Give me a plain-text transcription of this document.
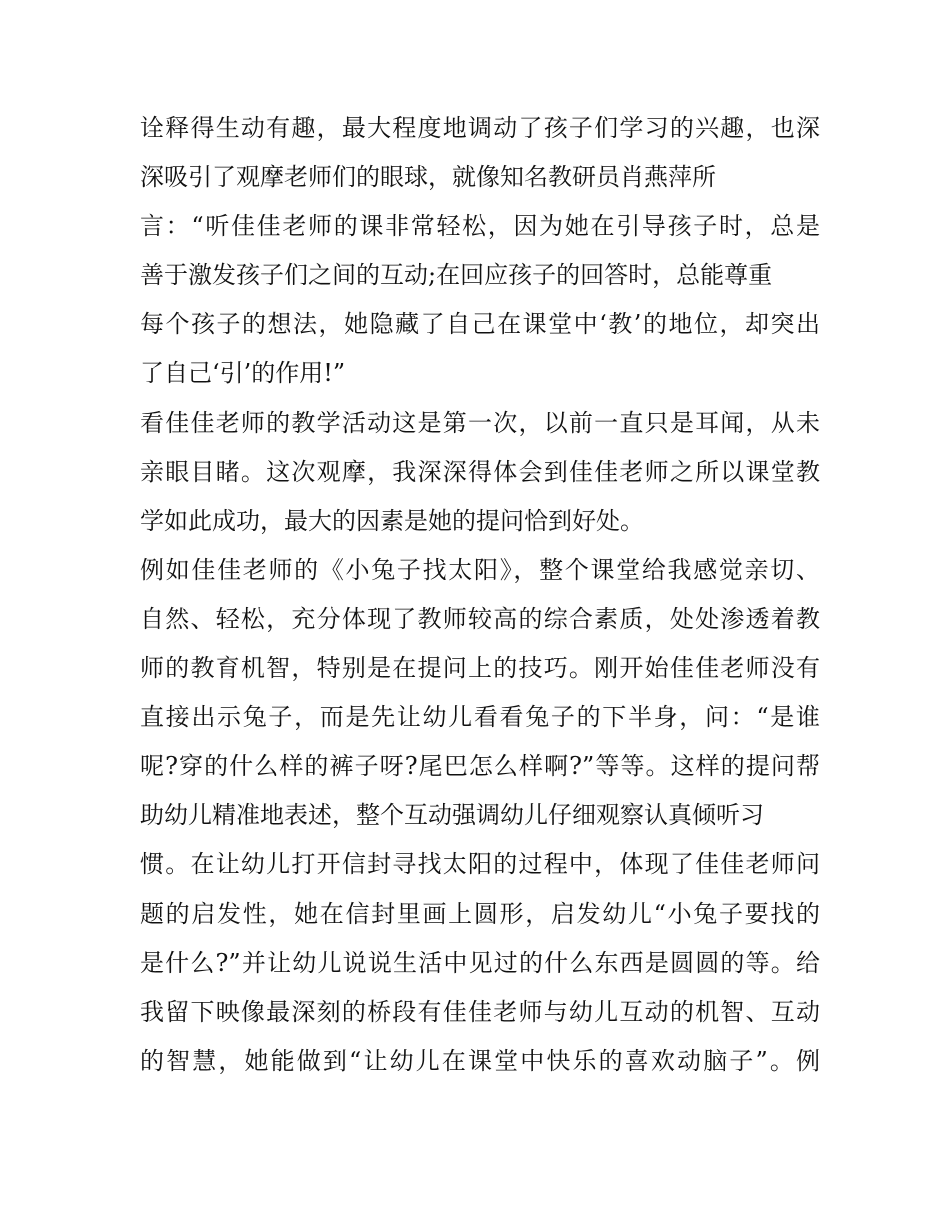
诠释得生动有趣，最大程度地调动了孩子们学习的兴趣，也深
深吸引了观摩老师们的眼球，就像知名教研员肖燕萍所
言：“听佳佳老师的课非常轻松，因为她在引导孩子时，总是
善于激发孩子们之间的互动;在回应孩子的回答时，总能尊重
每个孩子的想法，她隐藏了自己在课堂中‘教’的地位，却突出
了自己‘引’的作用!”
看佳佳老师的教学活动这是第一次，以前一直只是耳闻，从未
亲眼目睹。这次观摩，我深深得体会到佳佳老师之所以课堂教
学如此成功，最大的因素是她的提问恰到好处。
例如佳佳老师的《小兔子找太阳》，整个课堂给我感觉亲切、
自然、轻松，充分体现了教师较高的综合素质，处处渗透着教
师的教育机智，特别是在提问上的技巧。刚开始佳佳老师没有
直接出示兔子，而是先让幼儿看看兔子的下半身，问：“是谁
呢?穿的什么样的裤子呀?尾巴怎么样啊?”等等。这样的提问帮
助幼儿精准地表述，整个互动强调幼儿仔细观察认真倾听习
惯。在让幼儿打开信封寻找太阳的过程中，体现了佳佳老师问
题的启发性，她在信封里画上圆形，启发幼儿“小兔子要找的
是什么?”并让幼儿说说生活中见过的什么东西是圆圆的等。给
我留下映像最深刻的桥段有佳佳老师与幼儿互动的机智、互动
的智慧，她能做到“让幼儿在课堂中快乐的喜欢动脑子”。例
